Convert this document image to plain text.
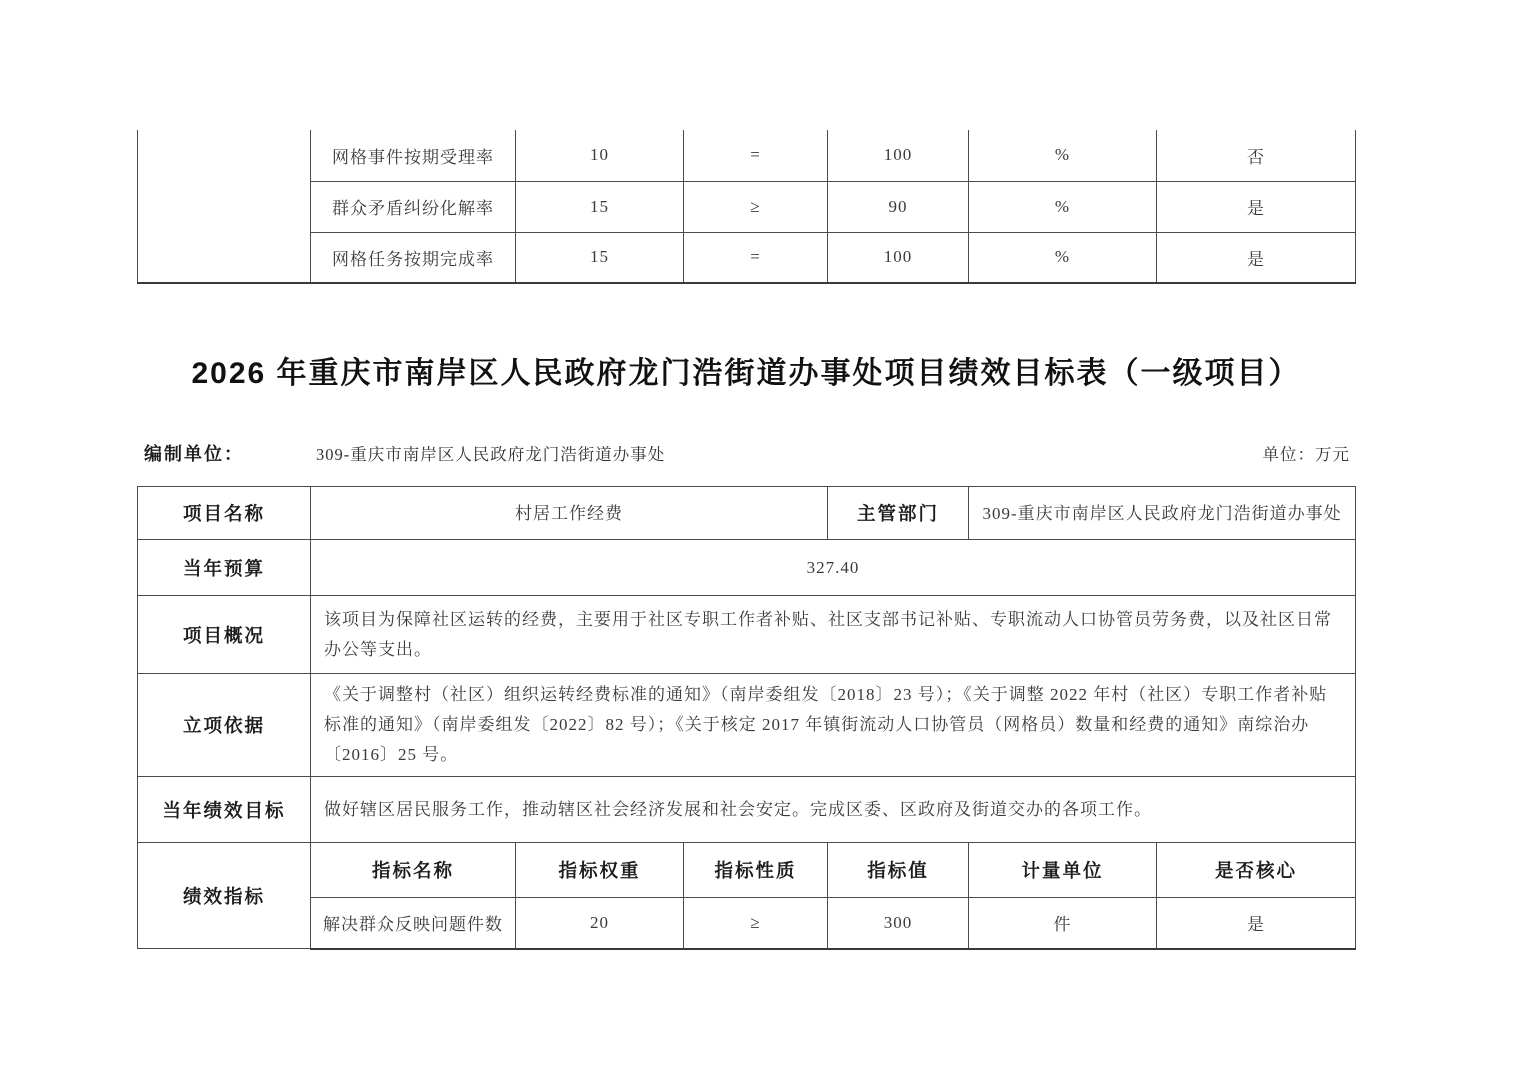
	网格事件按期受理率	10	=	100	%	否
	群众矛盾纠纷化解率	15	≥	90	%	是
	网格任务按期完成率	15	=	100	%	是
2026 年重庆市南岸区人民政府龙门浩街道办事处项目绩效目标表（一级项目）
编制单位：	309-重庆市南岸区人民政府龙门浩街道办事处	单位：万元
项目名称	村居工作经费			主管部门	309-重庆市南岸区人民政府龙门浩街道办事处	
当年预算	327.40					
项目概况	该项目为保障社区运转的经费，主要用于社区专职工作者补贴、社区支部书记补贴、专职流动人口协管员劳务费，以及社区日常办公等支出。					
立项依据	《关于调整村（社区）组织运转经费标准的通知》（南岸委组发〔2018〕23 号）；《关于调整 2022 年村（社区）专职工作者补贴标准的通知》（南岸委组发〔2022〕82 号）；《关于核定 2017 年镇街流动人口协管员（网格员）数量和经费的通知》南综治办〔2016〕25 号。					
当年绩效目标	做好辖区居民服务工作，推动辖区社会经济发展和社会安定。完成区委、区政府及街道交办的各项工作。					
绩效指标	指标名称	指标权重	指标性质	指标值	计量单位	是否核心
	解决群众反映问题件数	20	≥	300	件	是
